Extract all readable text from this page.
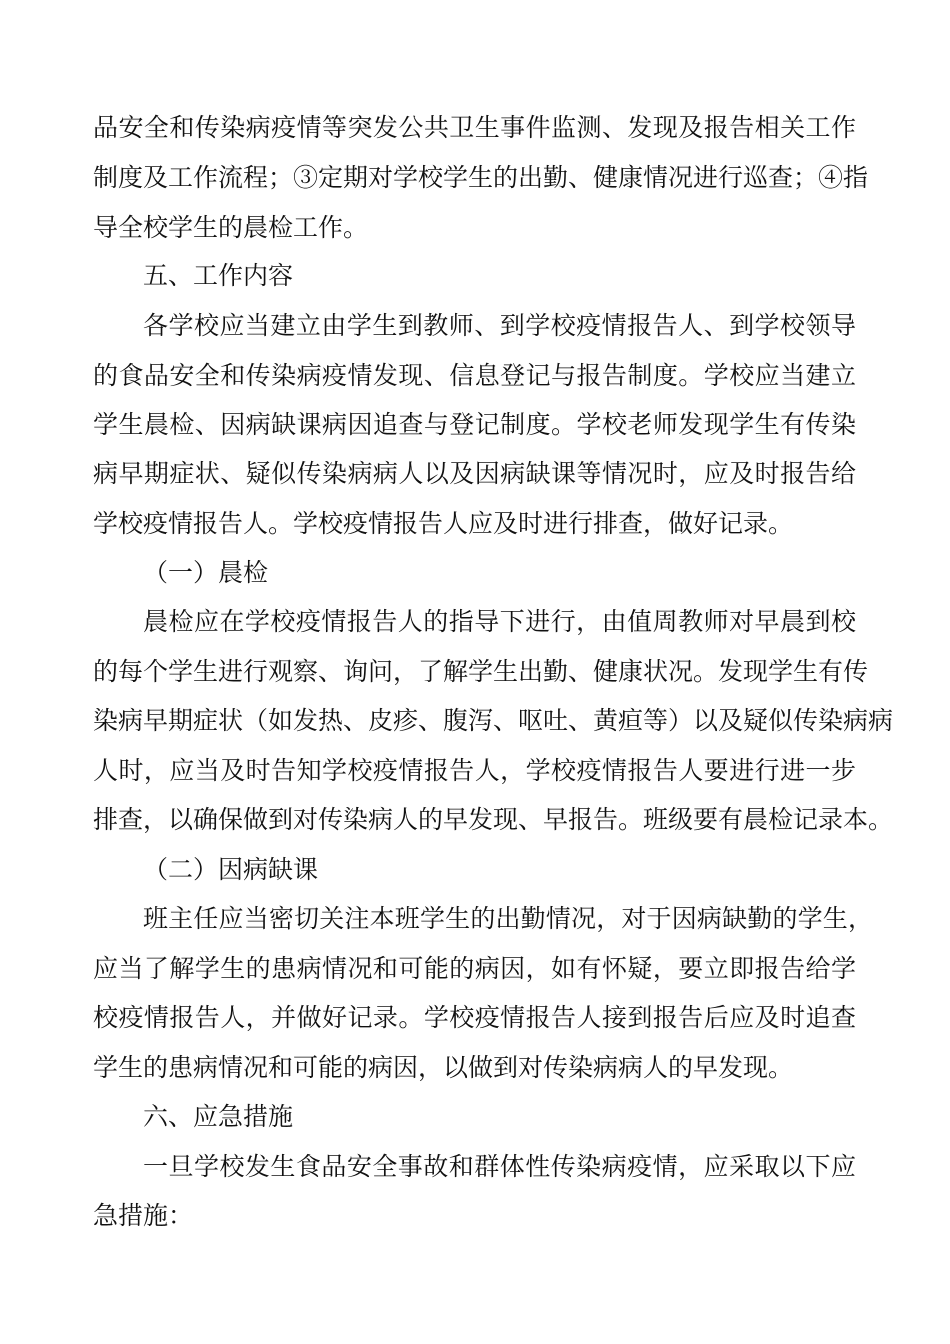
品安全和传染病疫情等突发公共卫生事件监测、发现及报告相关工作
制度及工作流程；③定期对学校学生的出勤、健康情况进行巡查；④指
导全校学生的晨检工作。
五、工作内容
各学校应当建立由学生到教师、到学校疫情报告人、到学校领导
的食品安全和传染病疫情发现、信息登记与报告制度。学校应当建立
学生晨检、因病缺课病因追查与登记制度。学校老师发现学生有传染
病早期症状、疑似传染病病人以及因病缺课等情况时，应及时报告给
学校疫情报告人。学校疫情报告人应及时进行排查，做好记录。
（一）晨检
晨检应在学校疫情报告人的指导下进行，由值周教师对早晨到校
的每个学生进行观察、询问，了解学生出勤、健康状况。发现学生有传
染病早期症状（如发热、皮疹、腹泻、呕吐、黄疸等）以及疑似传染病病
人时，应当及时告知学校疫情报告人，学校疫情报告人要进行进一步
排查，以确保做到对传染病人的早发现、早报告。班级要有晨检记录本。
（二）因病缺课
班主任应当密切关注本班学生的出勤情况，对于因病缺勤的学生，
应当了解学生的患病情况和可能的病因，如有怀疑，要立即报告给学
校疫情报告人，并做好记录。学校疫情报告人接到报告后应及时追查
学生的患病情况和可能的病因，以做到对传染病病人的早发现。
六、应急措施
一旦学校发生食品安全事故和群体性传染病疫情，应采取以下应
急措施：
